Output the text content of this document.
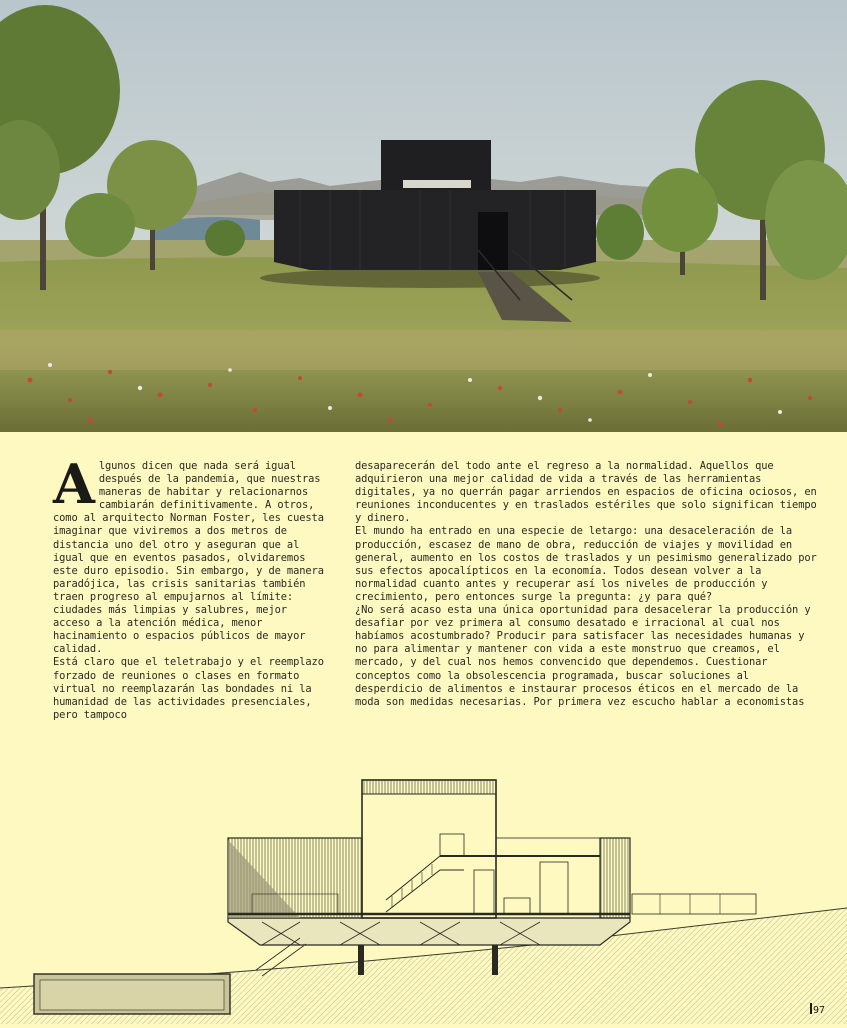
A lgunos dicen que nada será igual después de la pandemia, que nuestras maneras de habitar y relacionarnos cambiarán definitivamente. A otros, como al arquitecto Norman Foster, les cuesta imaginar que viviremos a dos metros de distancia uno del otro y aseguran que al igual que en eventos pasados, olvidaremos este duro episodio. Sin embargo, y de manera paradójica, las crisis sanitarias también traen progreso al empujarnos al límite: ciudades más limpias y salubres, mejor acceso a la atención médica, menor hacinamiento o espacios públicos de mayor calidad.

Está claro que el teletrabajo y el reemplazo forzado de reuniones o clases en formato virtual no reemplazarán las bondades ni la humanidad de las actividades presenciales, pero tampoco

desaparecerán del todo ante el regreso a la normalidad. Aquellos que adquirieron una mejor calidad de vida a través de las herramientas digitales, ya no querrán pagar arriendos en espacios de oficina ociosos, en reuniones inconducentes y en traslados estériles que solo significan tiempo y dinero.

El mundo ha entrado en una especie de letargo: una desaceleración de la producción, escasez de mano de obra, reducción de viajes y movilidad en general, aumento en los costos de traslados y un pesimismo generalizado por sus efectos apocalípticos en la economía. Todos desean volver a la normalidad cuanto antes y recuperar así los niveles de producción y crecimiento, pero entonces surge la pregunta: ¿y para qué?

¿No será acaso esta una única oportunidad para desacelerar la producción y desafiar por vez primera al consumo desatado e irracional al cual nos habíamos acostumbrado? Producir para satisfacer las necesidades humanas y no para alimentar y mantener con vida a este monstruo que creamos, el mercado, y del cual nos hemos convencido que dependemos. Cuestionar conceptos como la obsolescencia programada, buscar soluciones al desperdicio de alimentos e instaurar procesos éticos en el mercado de la moda son medidas necesarias. Por primera vez escucho hablar a economistas

97
